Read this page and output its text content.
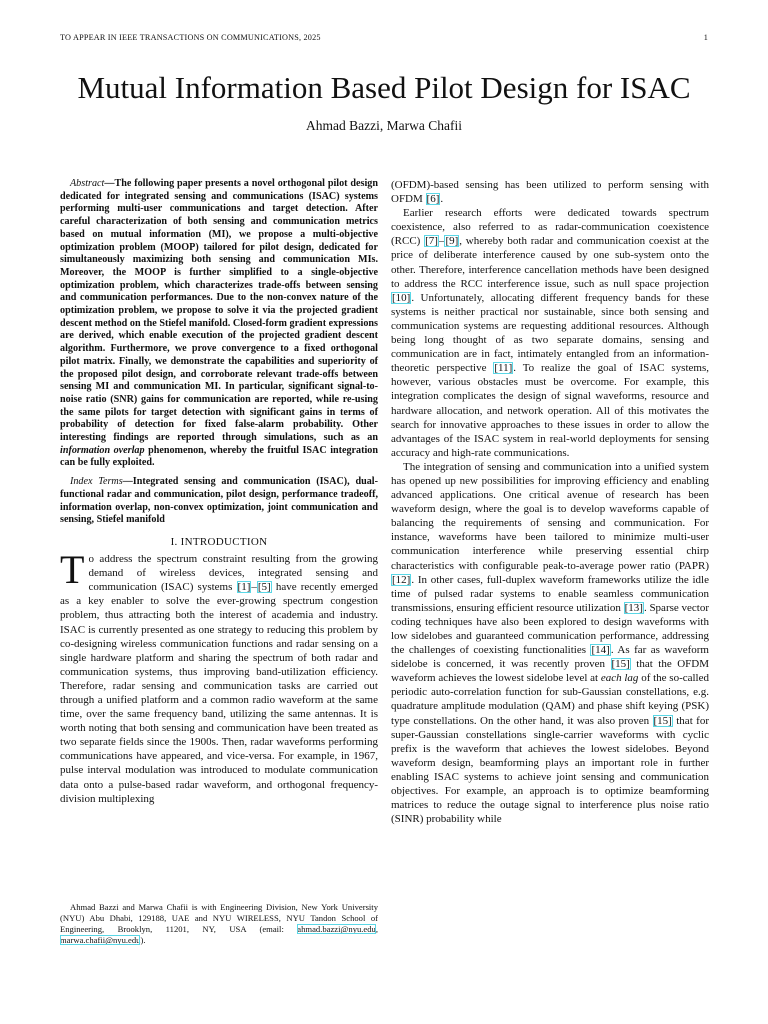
TO APPEAR IN IEEE TRANSACTIONS ON COMMUNICATIONS, 2025	1
Mutual Information Based Pilot Design for ISAC
Ahmad Bazzi, Marwa Chafii

Abstract—The following paper presents a novel orthogonal pilot design dedicated for integrated sensing and communications (ISAC) systems performing multi-user communications and target detection. After careful characterization of both sensing and communication metrics based on mutual information (MI), we propose a multi-objective optimization problem (MOOP) tailored for pilot design, dedicated for simultaneously maximizing both sensing and communication MIs. Moreover, the MOOP is further simplified to a single-objective optimization problem, which characterizes trade-offs between sensing and communication performances. Due to the non-convex nature of the optimization problem, we propose to solve it via the projected gradient descent method on the Stiefel manifold. Closed-form gradient expressions are derived, which enable execution of the projected gradient descent algorithm. Furthermore, we prove convergence to a fixed orthogonal pilot matrix. Finally, we demonstrate the capabilities and superiority of the proposed pilot design, and corroborate relevant trade-offs between sensing MI and communication MI. In particular, significant signal-to-noise ratio (SNR) gains for communication are reported, while re-using the same pilots for target detection with significant gains in terms of probability of detection for fixed false-alarm probability. Other interesting findings are reported through simulations, such as an information overlap phenomenon, whereby the fruitful ISAC integration can be fully exploited.

Index Terms—Integrated sensing and communication (ISAC), dual-functional radar and communication, pilot design, performance tradeoff, information overlap, non-convex optimization, joint communication and sensing, Stiefel manifold

I. INTRODUCTION

To address the spectrum constraint resulting from the growing demand of wireless devices, integrated sensing and communication (ISAC) systems [1]–[5] have recently emerged as a key enabler to solve the ever-growing spectrum congestion problem, thus attracting both the interest of academia and industry. ISAC is currently presented as one strategy to reducing this problem by co-designing wireless communication functions and radar sensing on a single hardware platform and sharing the spectrum of both radar and communication systems, thus improving band-utilization efficiency. Therefore, radar sensing and communication tasks are carried out through a unified platform and a common radio waveform at the same time, over the same frequency band, utilizing the same antennas. It is worth noting that both sensing and communication have been treated as two separate fields since the 1900s. Then, radar waveforms performing communications have appeared, and vice-versa. For example, in 1967, pulse interval modulation was introduced to modulate communication data onto a pulse-based radar waveform, and orthogonal frequency-division multiplexing

(OFDM)-based sensing has been utilized to perform sensing with OFDM [6].

Earlier research efforts were dedicated towards spectrum coexistence, also referred to as radar-communication coexistence (RCC) [7]–[9], whereby both radar and communication coexist at the price of deliberate interference caused by one sub-system onto the other. Therefore, interference cancellation methods have been designed to address the RCC interference issue, such as null space projection [10]. Unfortunately, allocating different frequency bands for these systems is neither practical nor sustainable, since both sensing and communication systems are requesting additional resources. Although being long thought of as two separate domains, sensing and communication are in fact, intimately entangled from an information-theoretic perspective [11]. To realize the goal of ISAC systems, however, various obstacles must be overcome. For example, this integration complicates the design of signal waveforms, resource and hardware allocation, and network operation. All of this motivates the search for innovative approaches to these issues in order to allow the advantages of the ISAC system in real-world deployments for sensing accuracy and high-rate communications.

The integration of sensing and communication into a unified system has opened up new possibilities for improving efficiency and enabling advanced applications. One critical avenue of research has been waveform design, where the goal is to develop waveforms capable of balancing the requirements of sensing and communication. For instance, waveforms have been tailored to minimize multi-user communication interference while preserving essential chirp characteristics with configurable peak-to-average power ratio (PAPR) [12]. In other cases, full-duplex waveform frameworks utilize the idle time of pulsed radar systems to enable seamless communication transmissions, ensuring efficient resource utilization [13]. Sparse vector coding techniques have also been explored to design waveforms with low sidelobes and guaranteed communication performance, addressing the challenges of coexisting functionalities [14]. As far as waveform sidelobe is concerned, it was recently proven [15] that the OFDM waveform achieves the lowest sidelobe level at each lag of the so-called periodic auto-correlation function for sub-Gaussian constellations, e.g. quadrature amplitude modulation (QAM) and phase shift keying (PSK) type constellations. On the other hand, it was also proven [15] that for super-Gaussian constellations single-carrier waveforms with cyclic prefix is the waveform that achieves the lowest sidelobes. Beyond waveform design, beamforming plays an important role in further enabling ISAC systems to achieve joint sensing and communication objectives. For example, an approach is to optimize beamforming matrices to reduce the outage signal to interference plus noise ratio (SINR) probability while

Ahmad Bazzi and Marwa Chafii is with Engineering Division, New York University (NYU) Abu Dhabi, 129188, UAE and NYU WIRELESS, NYU Tandon School of Engineering, Brooklyn, 11201, NY, USA (email: ahmad.bazzi@nyu.edu, marwa.chafii@nyu.edu).
